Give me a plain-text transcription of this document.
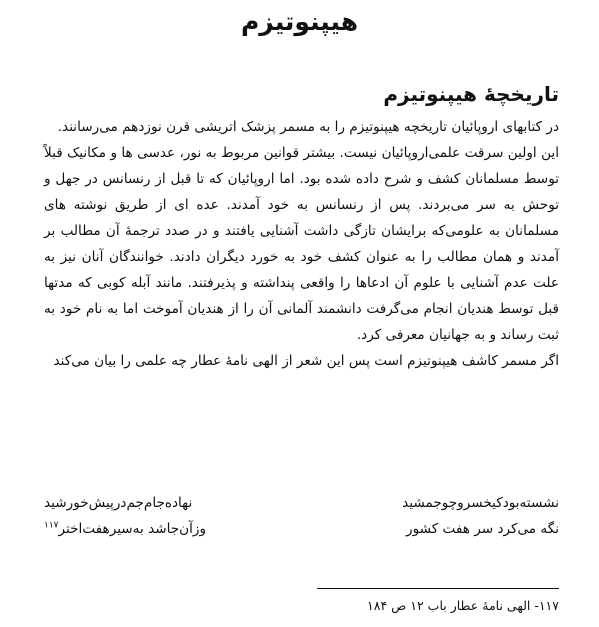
هیپنوتیزم
تاریخچهٔ هیپنوتیزم

در کتابهای اروپائیان تاریخچه هیپنوتیزم را به مسمر پزشک اتریشی قرن نوزدهم می‌رسانند.

این اولین سرقت علمی‌اروپائیان نیست. بیشتر قوانین مربوط به نور، عدسی ها و مکانیک قبلاً توسط مسلمانان کشف و شرح داده شده بود. اما اروپائیان که تا قبل از رنسانس در جهل و توحش به سر می‌بردند. پس از رنسانس به خود آمدند. عده ای از طریق نوشته های مسلمانان به علومی‌که برایشان تازگی داشت آشنایی یافتند و در صدد ترجمهٔ آن مطالب بر آمدند و همان مطالب را به عنوان کشف خود به خورد دیگران دادند. خوانندگان آنان نیز به علت عدم آشنایی با علوم آن ادعاها را واقعی پنداشته و پذیرفتند. مانند آبله کوبی که مدتها قبل توسط هندیان انجام می‌گرفت دانشمند آلمانی آن را از هندیان آموخت اما به نام خود به ثبت رساند و به جهانیان معرفی کرد.

اگر مسمر کاشف هیپنوتیزم است پس این شعر از الهی نامهٔ عطار چه علمی را بیان می‌کند

نشسته‌بودکیخسروچوجمشید
نهاده‌جام‌جم‌درپیش‌خورشید
نگه می‌کرد سر هفت کشور
وزآن‌جاشد به‌سیرهفت‌اختر$^{۱۱۷}$
۱۱۷- الهی نامهٔ عطار باب ۱۲ ص ۱۸۴
